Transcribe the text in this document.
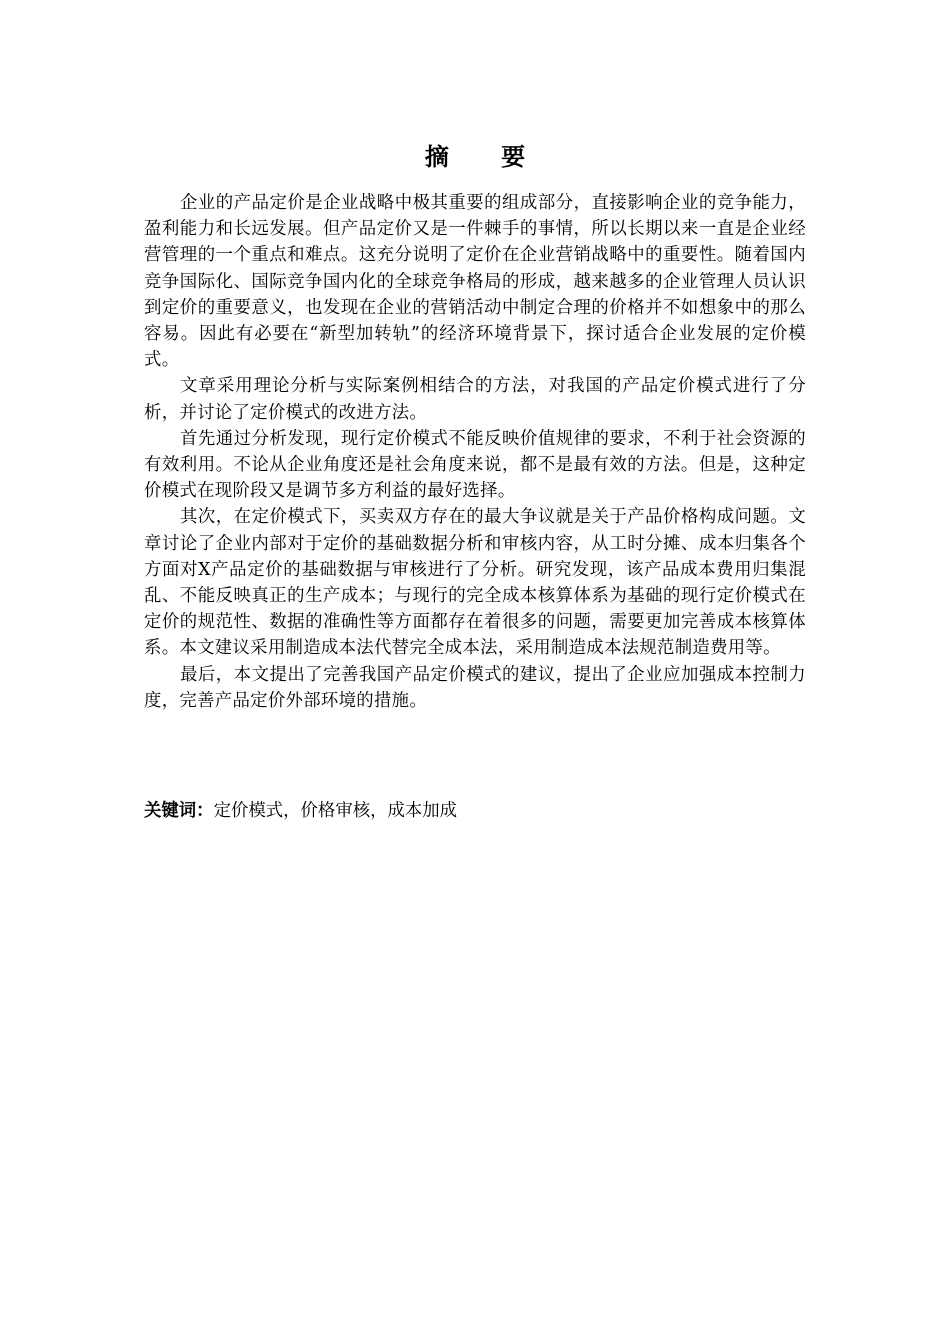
摘 要

企业的产品定价是企业战略中极其重要的组成部分，直接影响企业的竞争能力，盈利能力和长远发展。但产品定价又是一件棘手的事情，所以长期以来一直是企业经营管理的一个重点和难点。这充分说明了定价在企业营销战略中的重要性。随着国内竞争国际化、国际竞争国内化的全球竞争格局的形成，越来越多的企业管理人员认识到定价的重要意义，也发现在企业的营销活动中制定合理的价格并不如想象中的那么容易。因此有必要在“新型加转轨”的经济环境背景下，探讨适合企业发展的定价模式。

文章采用理论分析与实际案例相结合的方法，对我国的产品定价模式进行了分析，并讨论了定价模式的改进方法。

首先通过分析发现，现行定价模式不能反映价值规律的要求，不利于社会资源的有效利用。不论从企业角度还是社会角度来说，都不是最有效的方法。但是，这种定价模式在现阶段又是调节多方利益的最好选择。

其次，在定价模式下，买卖双方存在的最大争议就是关于产品价格构成问题。文章讨论了企业内部对于定价的基础数据分析和审核内容，从工时分摊、成本归集各个方面对X产品定价的基础数据与审核进行了分析。研究发现，该产品成本费用归集混乱、不能反映真正的生产成本；与现行的完全成本核算体系为基础的现行定价模式在定价的规范性、数据的准确性等方面都存在着很多的问题，需要更加完善成本核算体系。本文建议采用制造成本法代替完全成本法，采用制造成本法规范制造费用等。

最后，本文提出了完善我国产品定价模式的建议，提出了企业应加强成本控制力度，完善产品定价外部环境的措施。

关键词：定价模式，价格审核，成本加成
